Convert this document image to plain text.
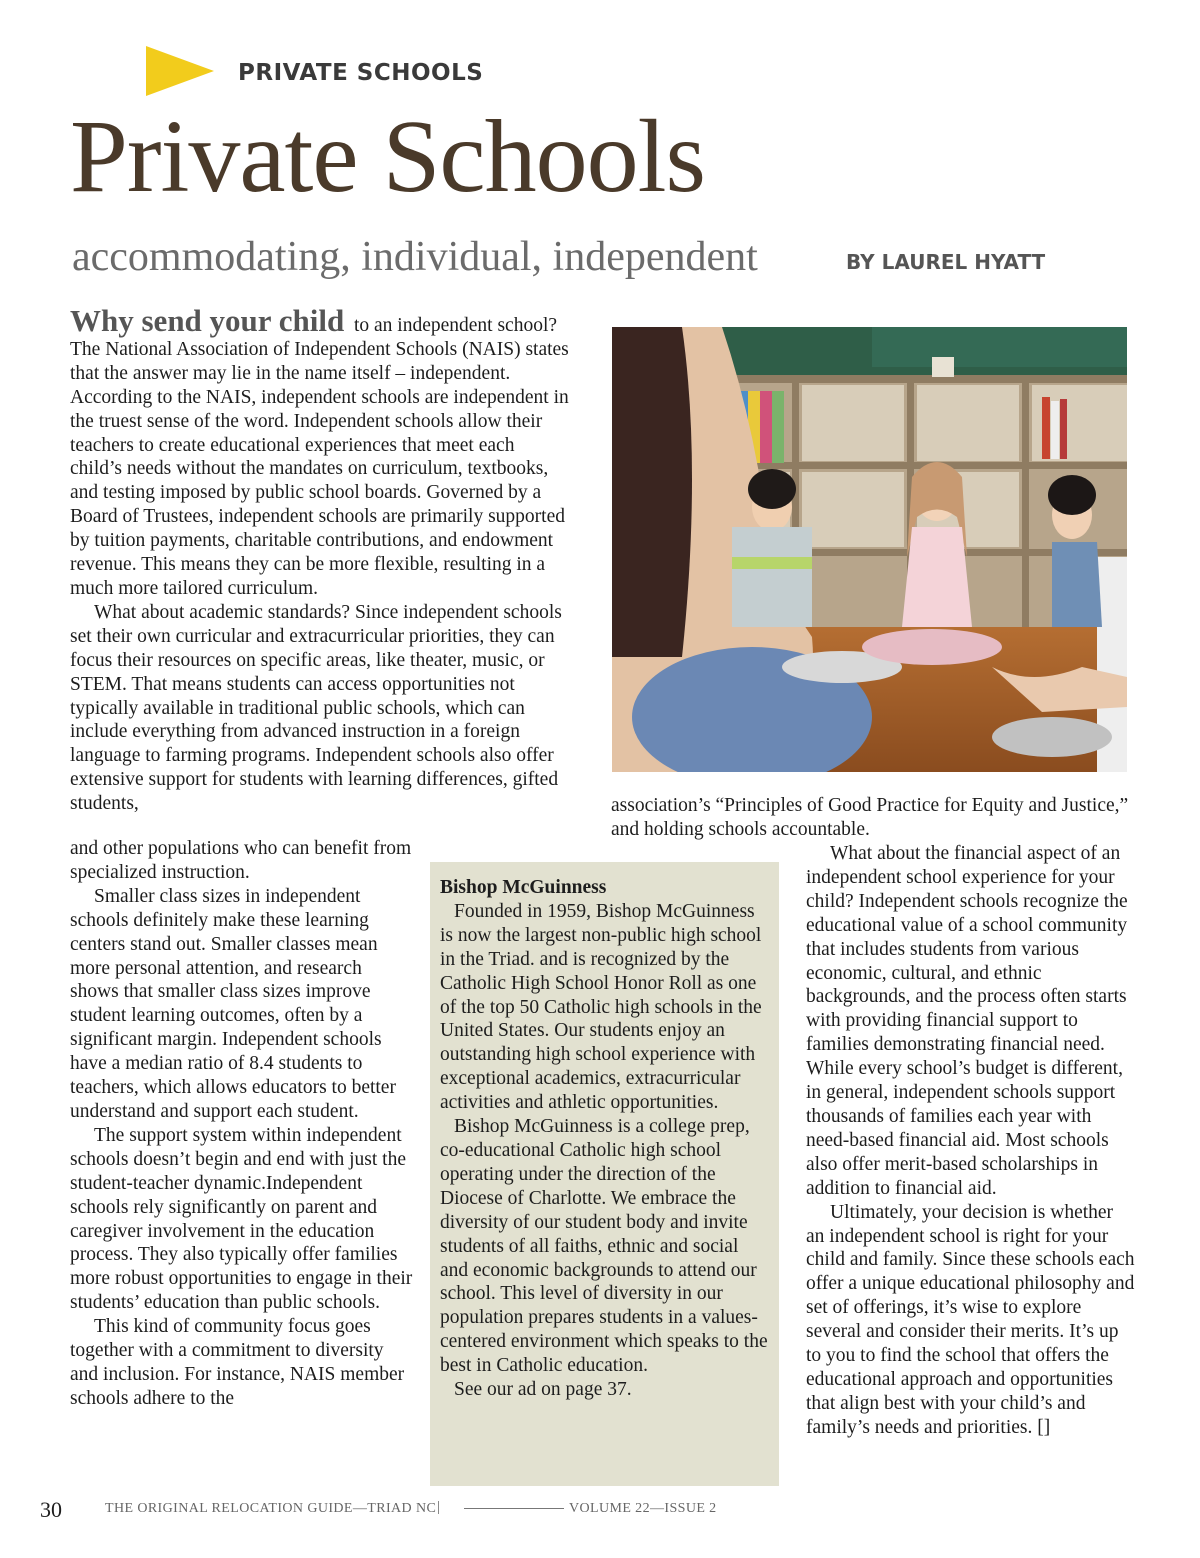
PRIVATE SCHOOLS
Private Schools
accommodating, individual, independent	BY LAUREL HYATT

Why send your child to an independent school? The National Association of Independent Schools (NAIS) states that the answer may lie in the name itself – independent. According to the NAIS, independent schools are independent in the truest sense of the word. Independent schools allow their teachers to create educational experiences that meet each child’s needs without the mandates on curriculum, textbooks, and testing imposed by public school boards. Governed by a Board of Trustees, independent schools are primarily supported by tuition payments, charitable contributions, and endowment revenue. This means they can be more flexible, resulting in a much more tailored curriculum.

What about academic standards? Since independent schools set their own curricular and extracurricular priorities, they can focus their resources on specific areas, like theater, music, or STEM. That means students can access opportunities not typically available in traditional public schools, which can include everything from advanced instruction in a foreign language to farming programs. Independent schools also offer extensive support for students with learning differences, gifted students,

and other populations who can benefit from specialized instruction.

Smaller class sizes in independent schools definitely make these learning centers stand out. Smaller classes mean more personal attention, and research shows that smaller class sizes improve student learning outcomes, often by a significant margin. Independent schools have a median ratio of 8.4 students to teachers, which allows educators to better understand and support each student.

The support system within independent schools doesn’t begin and end with just the student-teacher dynamic.Independent schools rely significantly on parent and caregiver involvement in the education process. They also typically offer families more robust opportunities to engage in their students’ education than public schools.

This kind of community focus goes together with a commitment to diversity and inclusion. For instance, NAIS member schools adhere to the

association’s “Principles of Good Practice for Equity and Justice,” and holding schools accountable.

What about the financial aspect of an independent school experience for your child? Independent schools recognize the educational value of a school community that includes students from various economic, cultural, and ethnic backgrounds, and the process often starts with providing financial support to families demonstrating financial need. While every school’s budget is different, in general, independent schools support thousands of families each year with need-based financial aid. Most schools also offer merit-based scholarships in addition to financial aid.

Ultimately, your decision is whether an independent school is right for your child and family. Since these schools each offer a unique educational philosophy and set of offerings, it’s wise to explore several and consider their merits. It’s up to you to find the school that offers the educational approach and opportunities that align best with your child’s and family’s needs and priorities. []

Bishop McGuinness

Founded in 1959, Bishop McGuinness is now the largest non-public high school in the Triad. and is recognized by the Catholic High School Honor Roll as one of the top 50 Catholic high schools in the United States. Our students enjoy an outstanding high school experience with exceptional academics, extracurricular activities and athletic opportunities.

Bishop McGuinness is a college prep, co-educational Catholic high school operating under the direction of the Diocese of Charlotte. We embrace the diversity of our student body and invite students of all faiths, ethnic and social and economic backgrounds to attend our school. This level of diversity in our population prepares students in a values-centered environment which speaks to the best in Catholic education.

See our ad on page 37.

30	THE ORIGINAL RELOCATION GUIDE—TRIAD NC |	VOLUME 22—ISSUE 2
